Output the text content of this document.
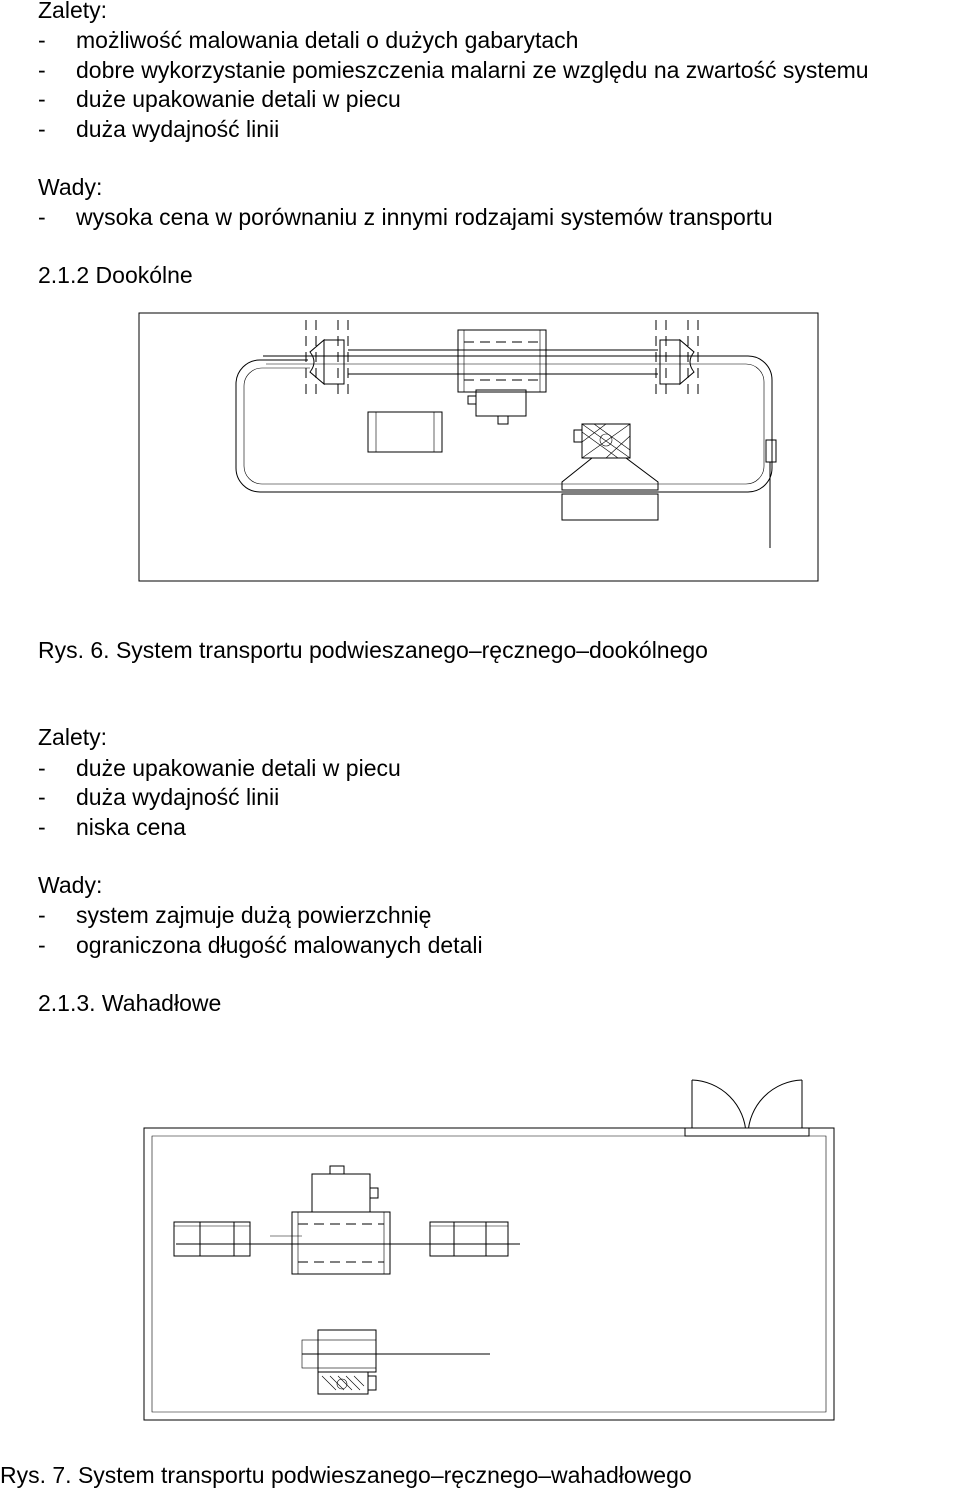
Zalety:
- możliwość malowania detali o dużych gabarytach
- dobre wykorzystanie pomieszczenia malarni ze względu na zwartość systemu
- duże upakowanie detali w piecu
- duża wydajność linii
Wady:
- wysoka cena w porównaniu z innymi rodzajami systemów transportu
2.1.2 Dookólne
Rys. 6. System transportu podwieszanego–ręcznego–dookólnego
Zalety:
- duże upakowanie detali w piecu
- duża wydajność linii
- niska cena
Wady:
- system zajmuje dużą powierzchnię
- ograniczona długość malowanych detali
2.1.3. Wahadłowe
Rys. 7. System transportu podwieszanego–ręcznego–wahadłowego
